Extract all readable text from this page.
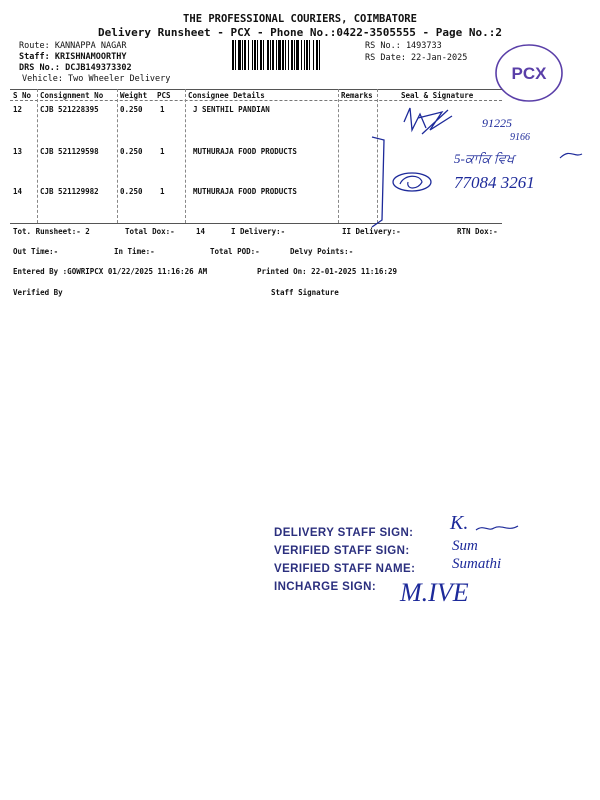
THE PROFESSIONAL COURIERS, COIMBATORE
Delivery Runsheet - PCX - Phone No.:0422-3505555 - Page No.:2
Route: KANNAPPA NAGAR
Staff: KRISHNAMOORTHY
DRS No.: DCJB149373302
Vehicle: Two Wheeler Delivery
RS No.: 1493733
RS Date: 22-Jan-2025
PCX
S No Consignment No Weight PCS Consignee Details	Remarks	Seal & Signature
12 CJB 521228395	0.250 1	J SENTHIL PANDIAN
13 CJB 521129598	0.250 1	MUTHURAJA FOOD PRODUCTS
14 CJB 521129982	0.250 1	MUTHURAJA FOOD PRODUCTS
91225
9166
5-ਕਾਕਿ ਵਿਖ
77084 3261
Tot. Runsheet:- 2	Total Dox:-	14	I Delivery:-	II Delivery:-	RTN Dox:-
Out Time:-	In Time:-	Total POD:-	Delvy Points:-
Entered By :GOWRIPCX 01/22/2025 11:16:26 AM	Printed On: 22-01-2025 11:16:29
Verified By	Staff Signature
DELIVERY STAFF SIGN:
VERIFIED STAFF SIGN:
VERIFIED STAFF NAME:
INCHARGE SIGN:
K.
Sum
Sumathi
M.IVE
